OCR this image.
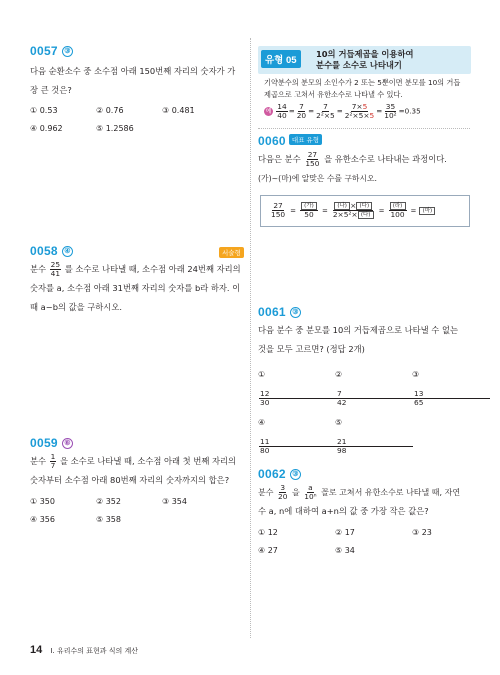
0057 ③
다음 순환소수 중 소수점 아래 150번째 자리의 숫자가 가
장 큰 것은?
① 0.5̇3̇	② 0.7̇6̇	③ 0.4̇81̇
④ 0.9̇62̇	⑤ 1.258̇6̇
0058 ④
분수 $\frac{25}{41}$ 를 소수로 나타낼 때, 소수점 아래 24번째 자리의
숫자를 a, 소수점 아래 31번째 자리의 숫자를 b라 하자. 이
때 a−b의 값을 구하시오.
서술형
0059 ⑥
분수 $\frac{1}{7}$ 을 소수로 나타낼 때, 소수점 아래 첫 번째 자리의
숫자부터 소수점 아래 80번째 자리의 숫자까지의 합은?
① 350	② 352	③ 354
④ 356	⑤ 358
유형 05
10의 거듭제곱을 이용하여
분수를 소수로 나타내기
기약분수의 분모의 소인수가 2 또는 5뿐이면 분모를 10의 거듭
제곱으로 고쳐서 유한소수로 나타낼 수 있다.
예 $\frac{14}{40} = \frac{7}{20} = \frac{7}{\text{2²×5}} = \frac{7\times 5}{\text{2²×5×5}} = \frac{35}{\text{10²}} =0.35$
0060 대표 유형
다음은 분수 $\frac{27}{150}$ 을 유한소수로 나타내는 과정이다.
(가)~(마)에 알맞은 수를 구하시오.
$\frac{27}{150} = \frac{\text{(가)}}{50} = \frac{\text{(나) × (다)}}{\text{2×5²× (다)}} = \frac{\text{(라)}}{100}$ =	(마)
0061 ③
다음 분수 중 분모를 10의 거듭제곱으로 나타낼 수 없는
것을 모두 고르면? (정답 2개)
①
$\frac{12}{30}$
②
$\frac{7}{42}$
③
$\frac{13}{65}$
④
$\frac{11}{80}$
⑤
$\frac{21}{98}$
0062 ③
분수 $\frac{3}{20}$ 을 $\frac{a}{\text{10ⁿ}}$ 꼴로 고쳐서 유한소수로 나타낼 때, 자연
수 a, n에 대하여 a+n의 값 중 가장 작은 값은?
① 12	② 17	③ 23
④ 27	⑤ 34
14 Ⅰ. 유리수의 표현과 식의 계산
